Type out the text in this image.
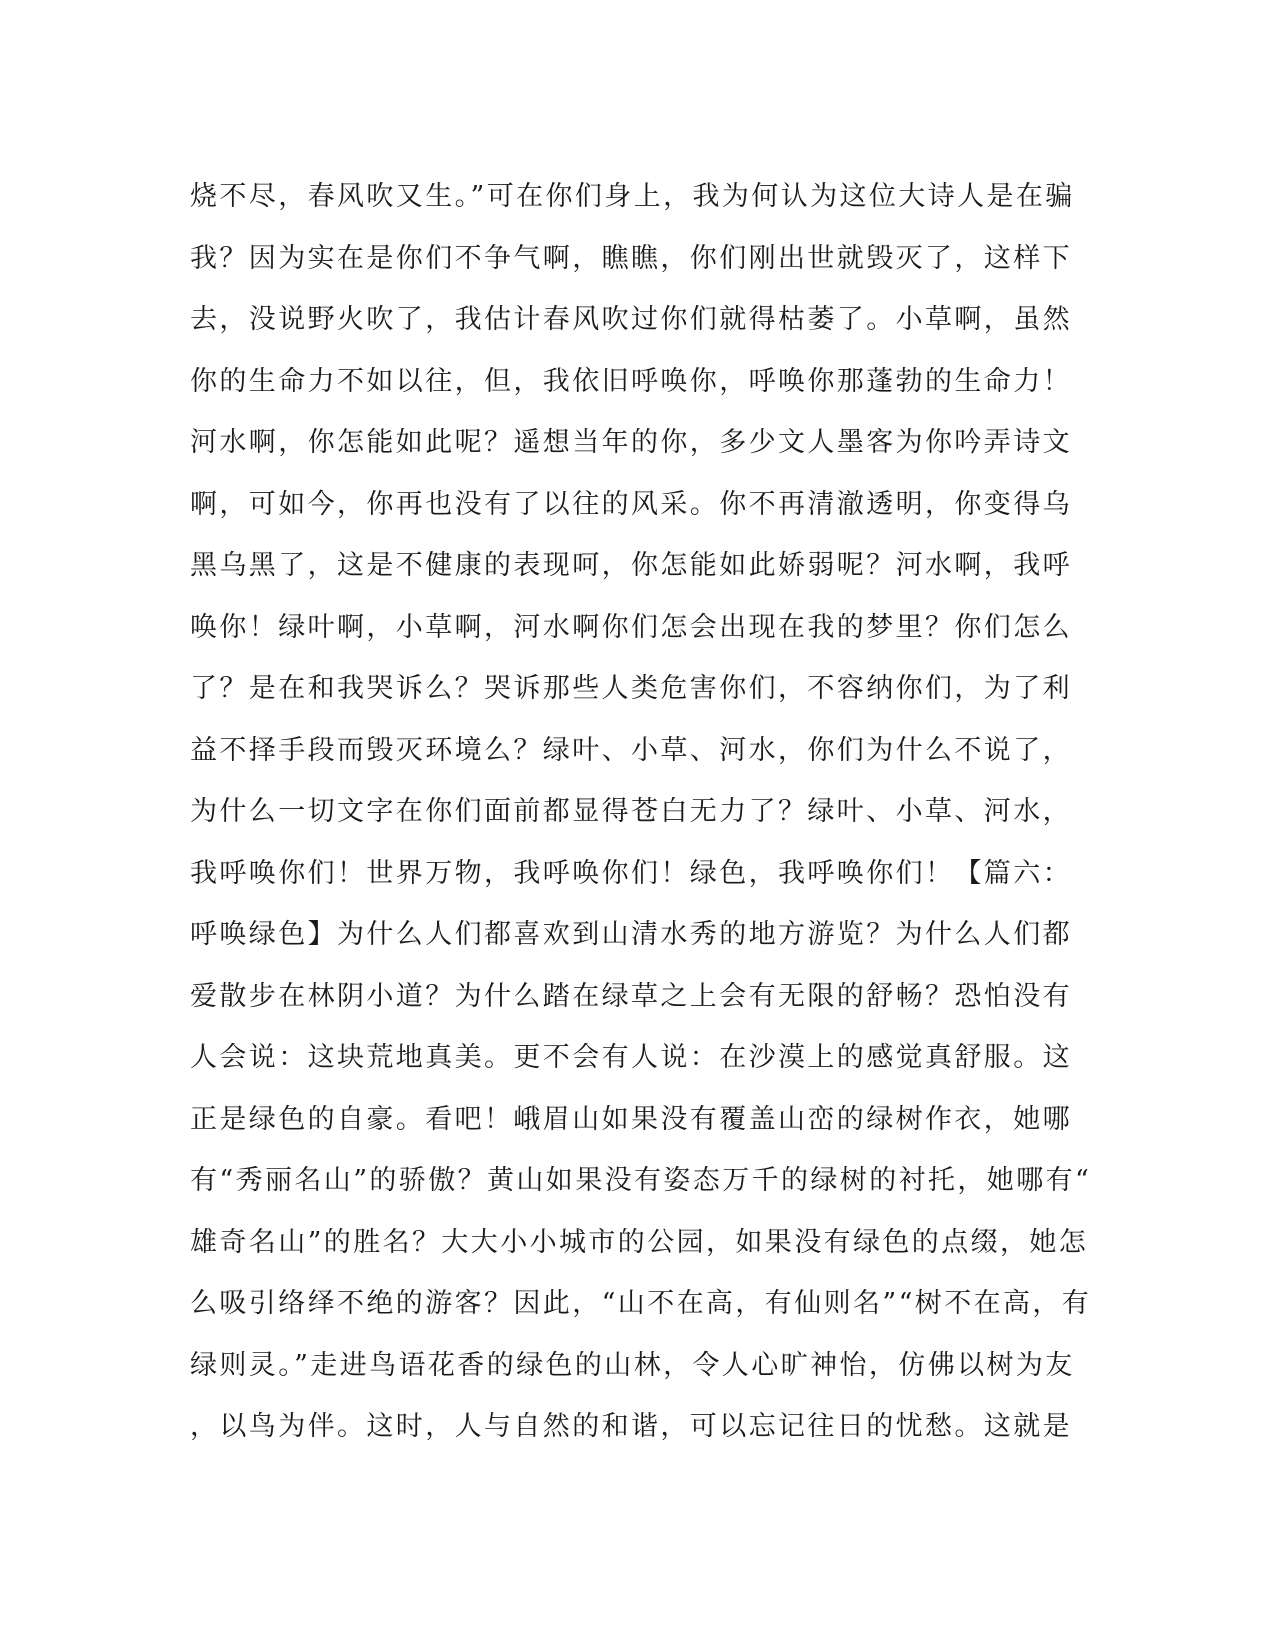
烧不尽，春风吹又生。”可在你们身上，我为何认为这位大诗人是在骗
我？因为实在是你们不争气啊，瞧瞧，你们刚出世就毁灭了，这样下
去，没说野火吹了，我估计春风吹过你们就得枯萎了。小草啊，虽然
你的生命力不如以往，但，我依旧呼唤你，呼唤你那蓬勃的生命力！
河水啊，你怎能如此呢？遥想当年的你，多少文人墨客为你吟弄诗文
啊，可如今，你再也没有了以往的风采。你不再清澈透明，你变得乌
黑乌黑了，这是不健康的表现呵，你怎能如此娇弱呢？河水啊，我呼
唤你！绿叶啊，小草啊，河水啊你们怎会出现在我的梦里？你们怎么
了？是在和我哭诉么？哭诉那些人类危害你们，不容纳你们，为了利
益不择手段而毁灭环境么？绿叶、小草、河水，你们为什么不说了，
为什么一切文字在你们面前都显得苍白无力了？绿叶、小草、河水，
我呼唤你们！世界万物，我呼唤你们！绿色，我呼唤你们！【篇六：
呼唤绿色】为什么人们都喜欢到山清水秀的地方游览？为什么人们都
爱散步在林阴小道？为什么踏在绿草之上会有无限的舒畅？恐怕没有
人会说：这块荒地真美。更不会有人说：在沙漠上的感觉真舒服。这
正是绿色的自豪。看吧！峨眉山如果没有覆盖山峦的绿树作衣，她哪
有“秀丽名山”的骄傲？黄山如果没有姿态万千的绿树的衬托，她哪有“
雄奇名山”的胜名？大大小小城市的公园，如果没有绿色的点缀，她怎
么吸引络绎不绝的游客？因此，“山不在高，有仙则名”“树不在高，有
绿则灵。”走进鸟语花香的绿色的山林，令人心旷神怡，仿佛以树为友
，以鸟为伴。这时，人与自然的和谐，可以忘记往日的忧愁。这就是
